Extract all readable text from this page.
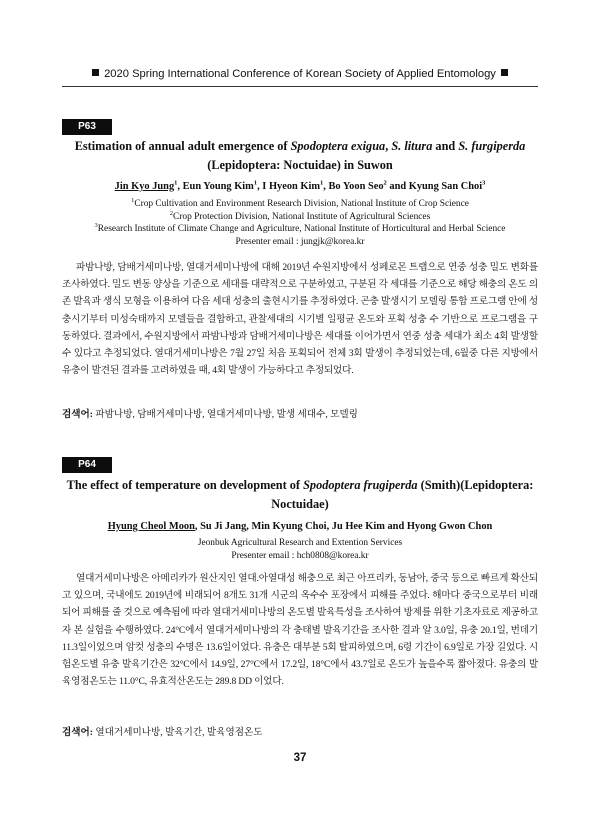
2020 Spring International Conference of Korean Society of Applied Entomology
P63
Estimation of annual adult emergence of Spodoptera exigua, S. litura and S. furgiperda (Lepidoptera: Noctuidae) in Suwon
Jin Kyo Jung$^1$, Eun Young Kim$^1$, I Hyeon Kim$^1$, Bo Yoon Seo$^2$ and Kyung San Choi$^3$
$^1$Crop Cultivation and Environment Research Division, National Institute of Crop Science
$^2$Crop Protection Division, National Institute of Agricultural Sciences
$^3$Research Institute of Climate Change and Agriculture, National Institute of Horticultural and Herbal Science
Presenter email : jungjk@korea.kr
파밤나방, 담배거세미나방, 열대거세미나방에 대해 2019년 수원지방에서 성페로몬 트랩으로 연중 성충 밀도 변화를 조사하였다. 밀도 변동 양상을 기준으로 세대를 대략적으로 구분하였고, 구분된 각 세대를 기준으로 해당 해충의 온도 의존 발육과 생식 모형을 이용하여 다음 세대 성충의 출현시기를 추정하였다. 곤충 발생시기 모델링 통합 프로그램 안에 성충시기부터 미성숙태까지 모델들을 결합하고, 관찰세대의 시기별 일평균 온도와 포획 성충 수 기반으로 프로그램을 구동하였다. 결과에서, 수원지방에서 파밤나방과 담배거세미나방은 세대를 이어가면서 연중 성충 세대가 최소 4회 발생할 수 있다고 추정되었다. 열대거세미나방은 7월 27일 처음 포획되어 전체 3회 발생이 추정되었는데, 6월중 다른 지방에서 유충이 발견된 결과를 고려하였을 때, 4회 발생이 가능하다고 추정되었다.
검색어: 파밤나방, 담배거세미나방, 열대거세미나방, 발생 세대수, 모델링
P64
The effect of temperature on development of Spodoptera frugiperda (Smith)(Lepidoptera: Noctuidae)
Hyung Cheol Moon, Su Ji Jang, Min Kyung Choi, Ju Hee Kim and Hyong Gwon Chon
Jeonbuk Agricultural Research and Extention Services
Presenter email : hch0808@korea.kr
열대거세미나방은 아메리카가 원산지인 열대.아열대성 해충으로 최근 아프리카, 동남아, 중국 등으로 빠르게 확산되고 있으며, 국내에도 2019년에 비래되어 8개도 31개 시군의 옥수수 포장에서 피해를 주었다. 해마다 중국으로부터 비래되어 피해를 줄 것으로 예측됨에 따라 열대거세미나방의 온도별 발육특성을 조사하여 방제를 위한 기초자료로 제공하고자 본 실험을 수행하였다. 24°C에서 열대거세미나방의 각 충태별 발육기간을 조사한 결과 알 3.0일, 유충 20.1일, 번데기 11.3일이었으며 암컷 성충의 수명은 13.6일이었다. 유충은 대부분 5회 탈피하였으며, 6령 기간이 6.9일로 가장 길었다. 시험온도별 유충 발육기간은 32°C에서 14.9일, 27°C에서 17.2일, 18°C에서 43.7일로 온도가 높을수록 짧아졌다. 유충의 발육영점온도는 11.0°C, 유효적산온도는 289.8 DD 이었다.
검색어: 열대거세미나방, 발육기간, 발육영점온도
37
